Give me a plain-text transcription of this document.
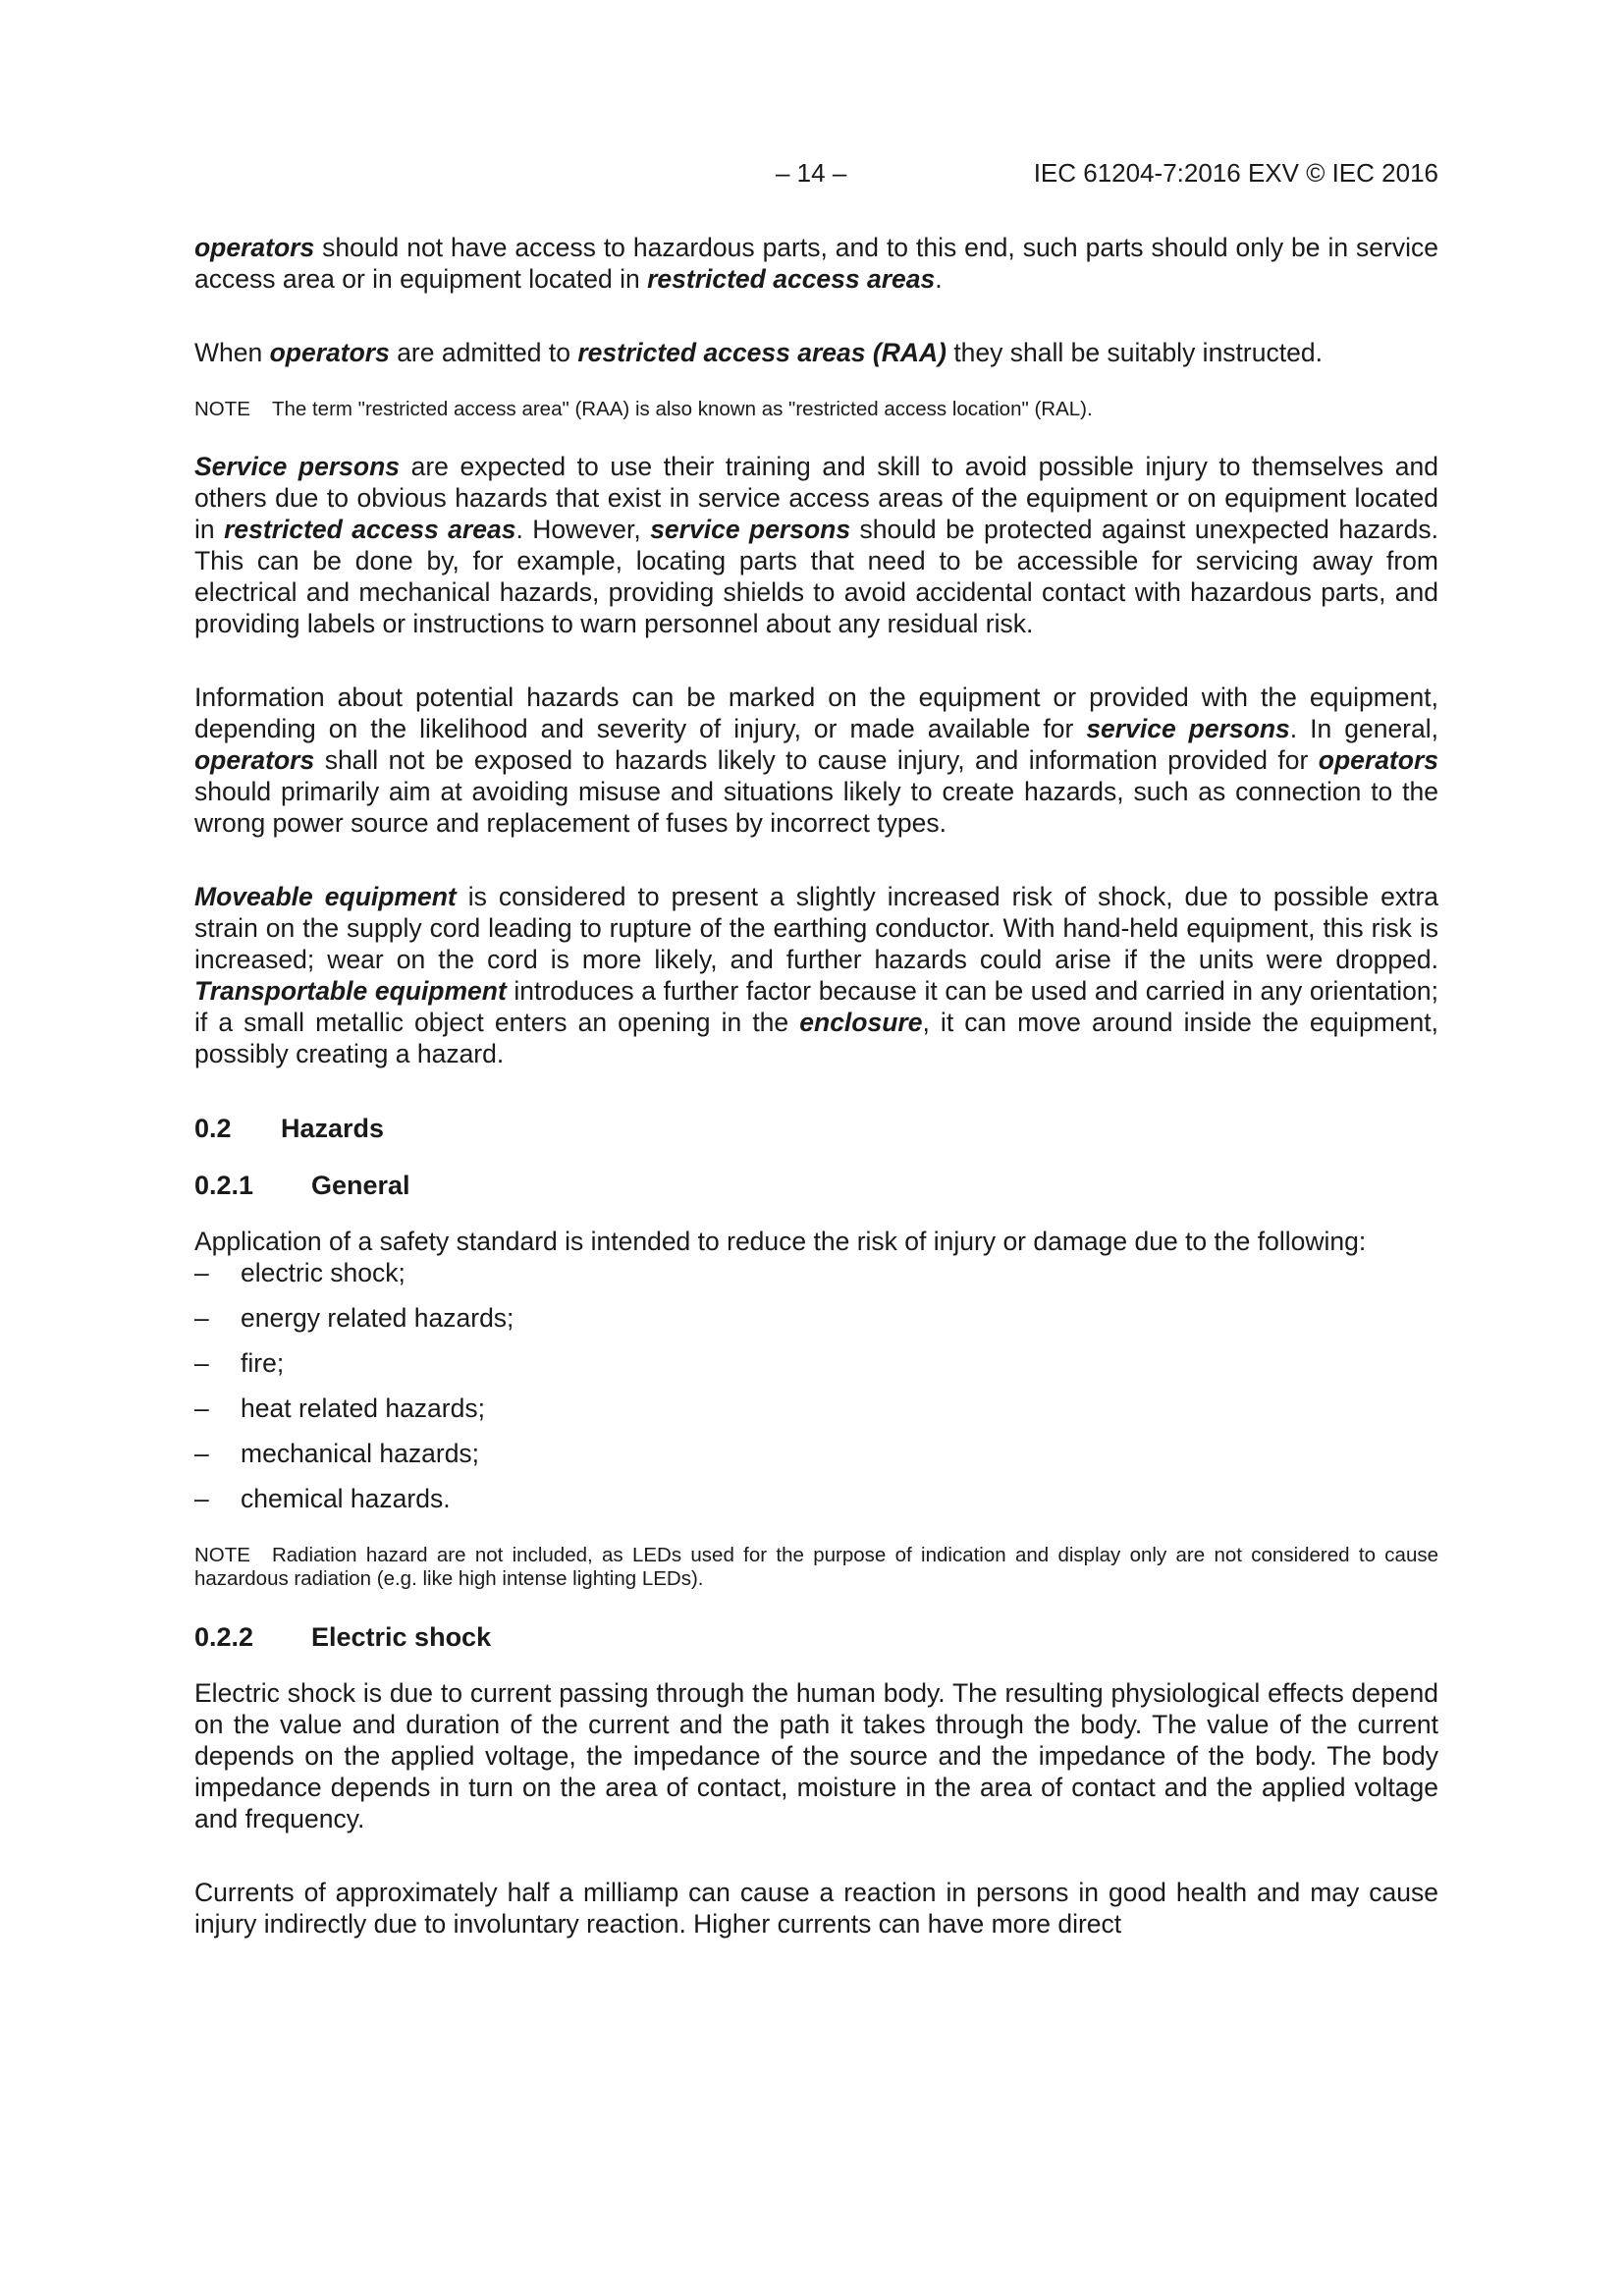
– 14 –	IEC 61204-7:2016 EXV © IEC 2016

operators should not have access to hazardous parts, and to this end, such parts should only be in service access area or in equipment located in restricted access areas.

When operators are admitted to restricted access areas (RAA) they shall be suitably instructed.

NOTE The term "restricted access area" (RAA) is also known as "restricted access location" (RAL).

Service persons are expected to use their training and skill to avoid possible injury to themselves and others due to obvious hazards that exist in service access areas of the equipment or on equipment located in restricted access areas. However, service persons should be protected against unexpected hazards. This can be done by, for example, locating parts that need to be accessible for servicing away from electrical and mechanical hazards, providing shields to avoid accidental contact with hazardous parts, and providing labels or instructions to warn personnel about any residual risk.

Information about potential hazards can be marked on the equipment or provided with the equipment, depending on the likelihood and severity of injury, or made available for service persons. In general, operators shall not be exposed to hazards likely to cause injury, and information provided for operators should primarily aim at avoiding misuse and situations likely to create hazards, such as connection to the wrong power source and replacement of fuses by incorrect types.

Moveable equipment is considered to present a slightly increased risk of shock, due to possible extra strain on the supply cord leading to rupture of the earthing conductor. With hand-held equipment, this risk is increased; wear on the cord is more likely, and further hazards could arise if the units were dropped. Transportable equipment introduces a further factor because it can be used and carried in any orientation; if a small metallic object enters an opening in the enclosure, it can move around inside the equipment, possibly creating a hazard.

0.2 Hazards
0.2.1 General

Application of a safety standard is intended to reduce the risk of injury or damage due to the following:

– electric shock;
– energy related hazards;
– fire;
– heat related hazards;
– mechanical hazards;
– chemical hazards.

NOTE Radiation hazard are not included, as LEDs used for the purpose of indication and display only are not considered to cause hazardous radiation (e.g. like high intense lighting LEDs).

0.2.2 Electric shock

Electric shock is due to current passing through the human body. The resulting physiological effects depend on the value and duration of the current and the path it takes through the body. The value of the current depends on the applied voltage, the impedance of the source and the impedance of the body. The body impedance depends in turn on the area of contact, moisture in the area of contact and the applied voltage and frequency.

Currents of approximately half a milliamp can cause a reaction in persons in good health and may cause injury indirectly due to involuntary reaction. Higher currents can have more direct
